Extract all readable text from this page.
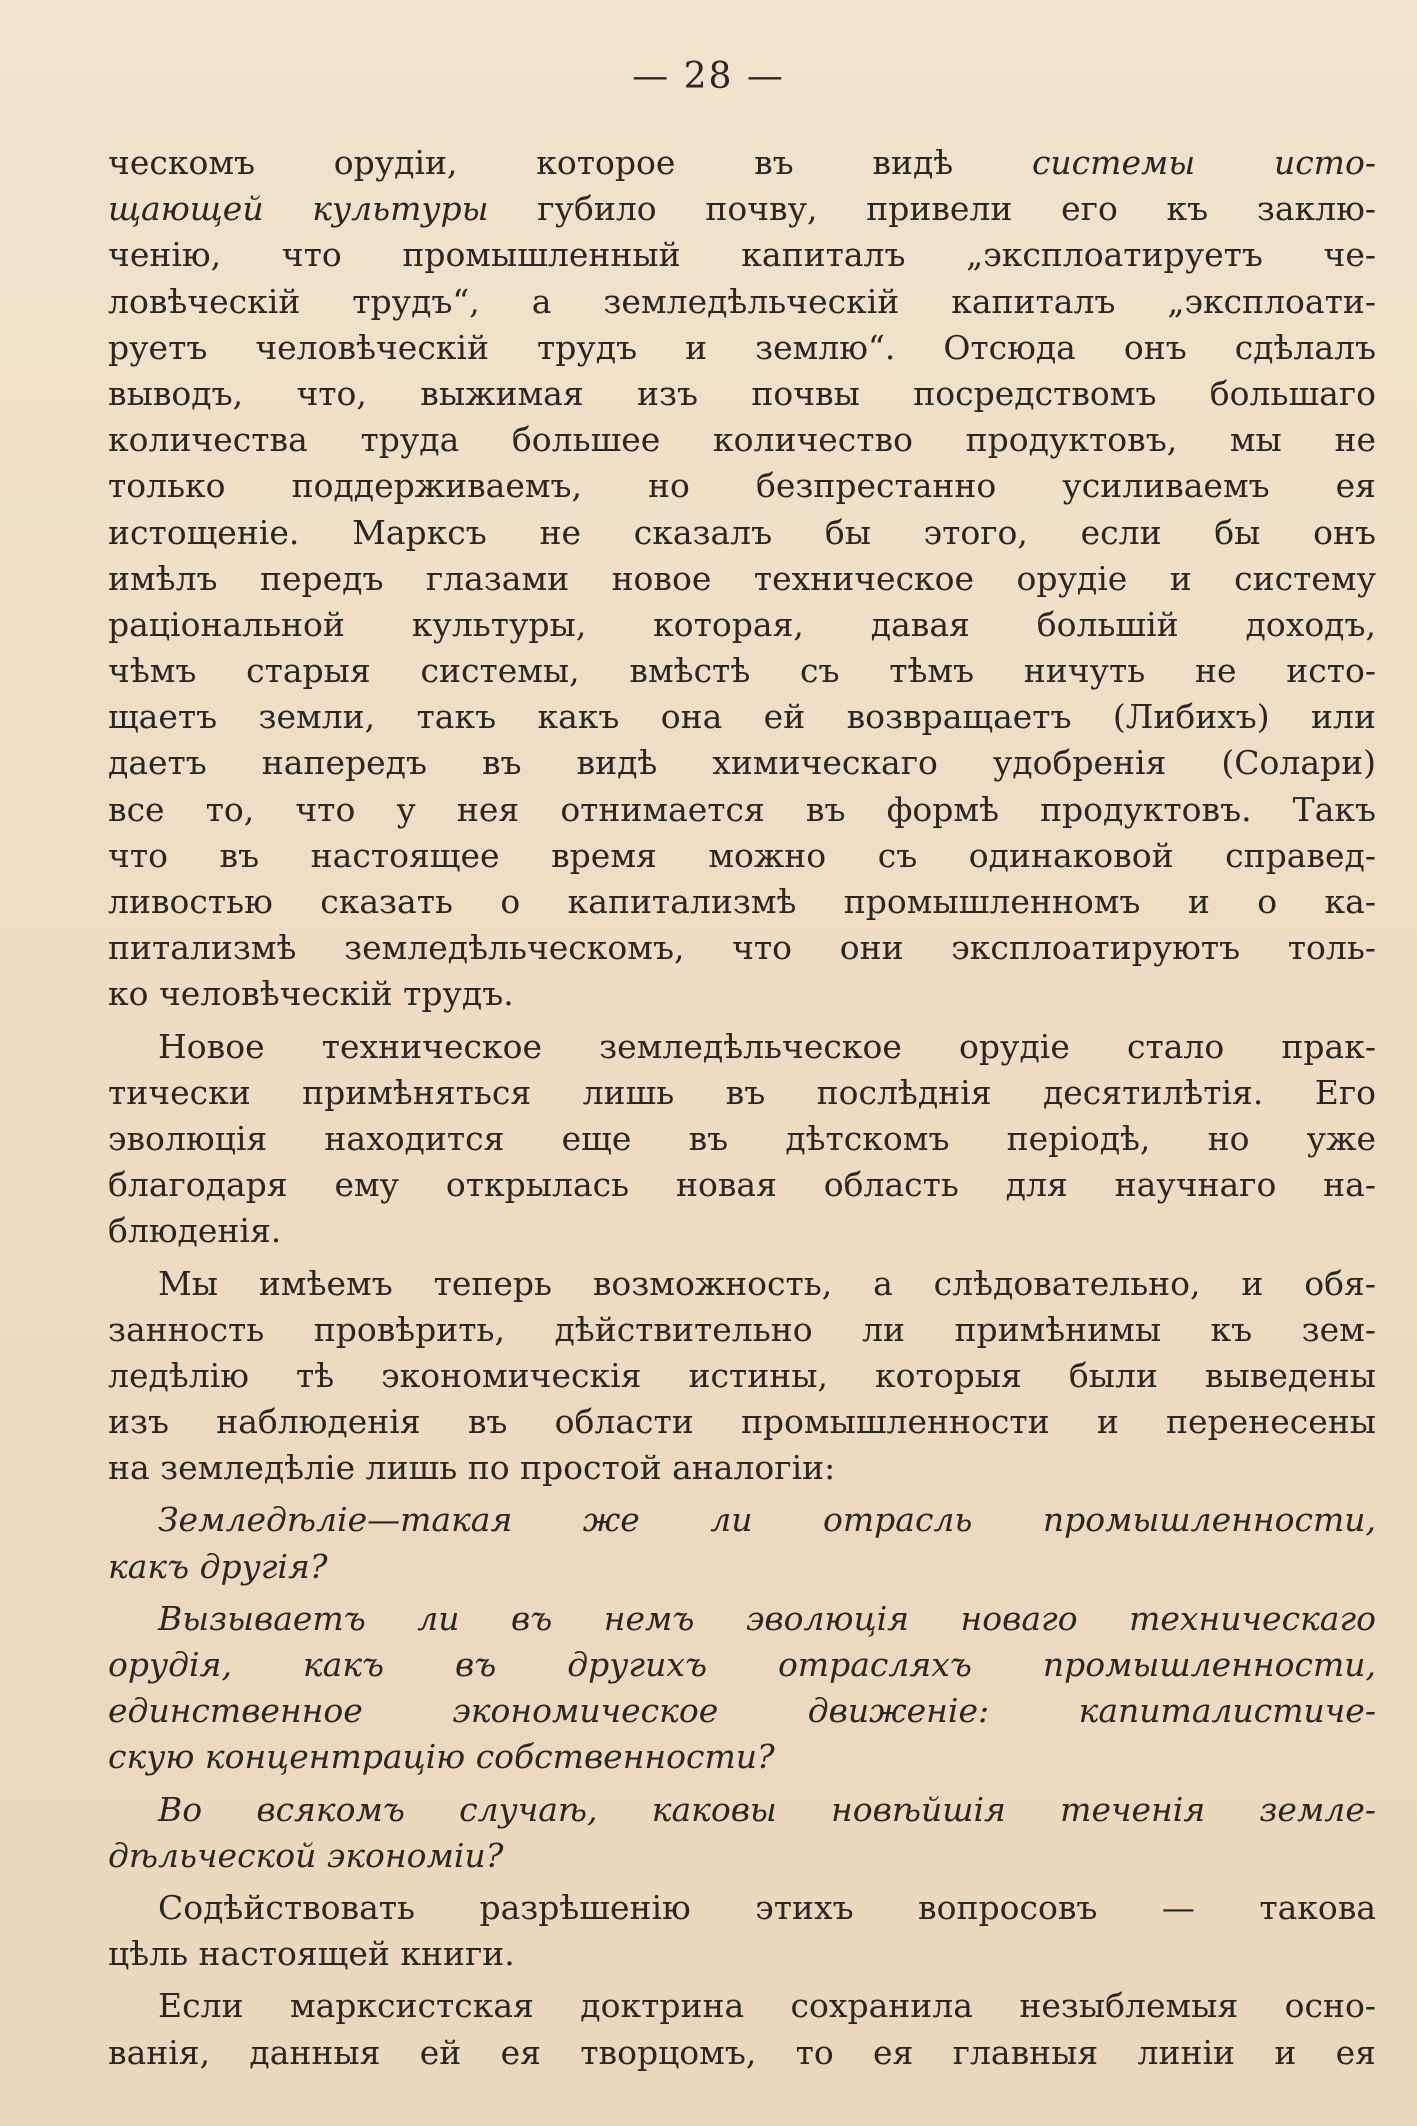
— 28 —
ческомъ орудіи, которое въ видѣ системы исто-
щающей культуры губило почву, привели его къ заклю-
ченію, что промышленный капиталъ „эксплоатируетъ че-
ловѣческій трудъ“, а земледѣльческій капиталъ „эксплоати-
руетъ человѣческій трудъ и землю“. Отсюда онъ сдѣлалъ
выводъ, что, выжимая изъ почвы посредствомъ большаго
количества труда большее количество продуктовъ, мы не
только поддерживаемъ, но безпрестанно усиливаемъ ея
истощеніе. Марксъ не сказалъ бы этого, если бы онъ
имѣлъ передъ глазами новое техническое орудіе и систему
раціональной культуры, которая, давая большій доходъ,
чѣмъ старыя системы, вмѣстѣ съ тѣмъ ничуть не исто-
щаетъ земли, такъ какъ она ей возвращаетъ (Либихъ) или
даетъ напередъ въ видѣ химическаго удобренія (Солари)
все то, что у нея отнимается въ формѣ продуктовъ. Такъ
что въ настоящее время можно съ одинаковой справед-
ливостью сказать о капитализмѣ промышленномъ и о ка-
питализмѣ земледѣльческомъ, что они эксплоатируютъ толь-
ко человѣческій трудъ.
Новое техническое земледѣльческое орудіе стало прак-
тически примѣняться лишь въ послѣднія десятилѣтія. Его
эволюція находится еще въ дѣтскомъ періодѣ, но уже
благодаря ему открылась новая область для научнаго на-
блюденія.
Мы имѣемъ теперь возможность, а слѣдовательно, и обя-
занность провѣрить, дѣйствительно ли примѣнимы къ зем-
ледѣлію тѣ экономическія истины, которыя были выведены
изъ наблюденія въ области промышленности и перенесены
на земледѣліе лишь по простой аналогіи:
Земледѣліе—такая же ли отрасль промышленности,
какъ другія?
Вызываетъ ли въ немъ эволюція новаго техническаго
орудія, какъ въ другихъ отрасляхъ промышленности,
единственное экономическое движеніе: капиталистиче-
скую концентрацію собственности?
Во всякомъ случаѣ, каковы новѣйшія теченія земле-
дѣльческой экономіи?
Содѣйствовать разрѣшенію этихъ вопросовъ — такова
цѣль настоящей книги.
Если марксистская доктрина сохранила незыблемыя осно-
ванія, данныя ей ея творцомъ, то ея главныя линіи и ея
